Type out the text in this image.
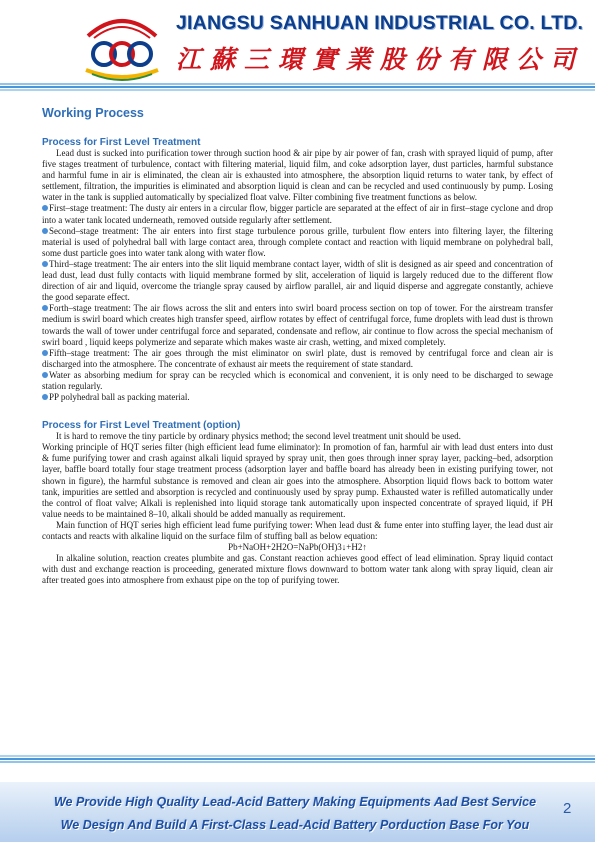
JIANGSU SANHUAN INDUSTRIAL CO. LTD.
江蘇三環實業股份有限公司
Working Process
Process for First Level Treatment

Lead dust is sucked into purification tower through suction hood & air pipe by air power of fan, crash with sprayed liquid of pump, after five stages treatment of turbulence, contact with filtering material, liquid film, and coke adsorption layer, dust particles, harmful substance and harmful fume in air is eliminated, the clean air is exhausted into atmosphere, the absorption liquid returns to water tank, by effect of settlement, filtration, the impurities is eliminated and absorption liquid is clean and can be recycled and used continuously by pump. Losing water in the tank is supplied automatically by specialized float valve. Filter combining five treatment functions as below.

First–stage treatment: The dusty air enters in a circular flow, bigger particle are separated at the effect of air in first–stage cyclone and drop into a water tank located underneath, removed outside regularly after settlement.

Second–stage treatment: The air enters into first stage turbulence porous grille, turbulent flow enters into filtering layer, the filtering material is used of polyhedral ball with large contact area, through complete contact and reaction with liquid membrane on polyhedral ball, some dust particle goes into water tank along with water flow.

Third–stage treatment: The air enters into the slit liquid membrane contact layer, width of slit is designed as air speed and concentration of lead dust, lead dust fully contacts with liquid membrane formed by slit, acceleration of liquid is largely reduced due to the different flow direction of air and liquid, overcome the triangle spray caused by airflow parallel, air and liquid disperse and aggregate constantly, achieve the good separate effect.

Forth–stage treatment: The air flows across the slit and enters into swirl board process section on top of tower. For the airstream transfer medium is swirl board which creates high transfer speed, airflow rotates by effect of centrifugal force, fume droplets with lead dust is thrown towards the wall of tower under centrifugal force and separated, condensate and reflow, air continue to flow across the special mechanism of swirl board , liquid keeps polymerize and separate which makes waste air crash, wetting, and mixed completely.

Fifth–stage treatment: The air goes through the mist eliminator on swirl plate, dust is removed by centrifugal force and clean air is discharged into the atmosphere. The concentrate of exhaust air meets the requirement of state standard.

Water as absorbing medium for spray can be recycled which is economical and convenient, it is only need to be discharged to sewage station regularly.

PP polyhedral ball as packing material.

Process for First Level Treatment (option)

It is hard to remove the tiny particle by ordinary physics method; the second level treatment unit should be used.

Working principle of HQT series filter (high efficient lead fume eliminator): In promotion of fan, harmful air with lead dust enters into dust & fume purifying tower and crash against alkali liquid sprayed by spray unit, then goes through inner spray layer, packing–bed, adsorption layer, baffle board totally four stage treatment process (adsorption layer and baffle board has already been in existing purifying tower, not shown in figure), the harmful substance is removed and clean air goes into the atmosphere. Absorption liquid flows back to bottom water tank, impurities are settled and absorption is recycled and continuously used by spray pump. Exhausted water is refilled automatically under the control of float valve; Alkali is replenished into liquid storage tank automatically upon inspected concentrate of sprayed liquid, if PH value needs to be maintained 8–10, alkali should be added manually as requirement.

Main function of HQT series high efficient lead fume purifying tower: When lead dust & fume enter into stuffing layer, the lead dust air contacts and reacts with alkaline liquid on the surface film of stuffing ball as below equation:

Pb+NaOH+2H2O=NaPb(OH)3↓+H2↑

In alkaline solution, reaction creates plumbite and gas. Constant reaction achieves good effect of lead elimination. Spray liquid contact with dust and exchange reaction is proceeding, generated mixture flows downward to bottom water tank along with spray liquid, clean air after treated goes into atmosphere from exhaust pipe on the top of purifying tower.

We Provide High Quality Lead-Acid Battery Making Equipments Aad Best Service
We Design And Build A First-Class Lead-Acid Battery Porduction Base For You
2
